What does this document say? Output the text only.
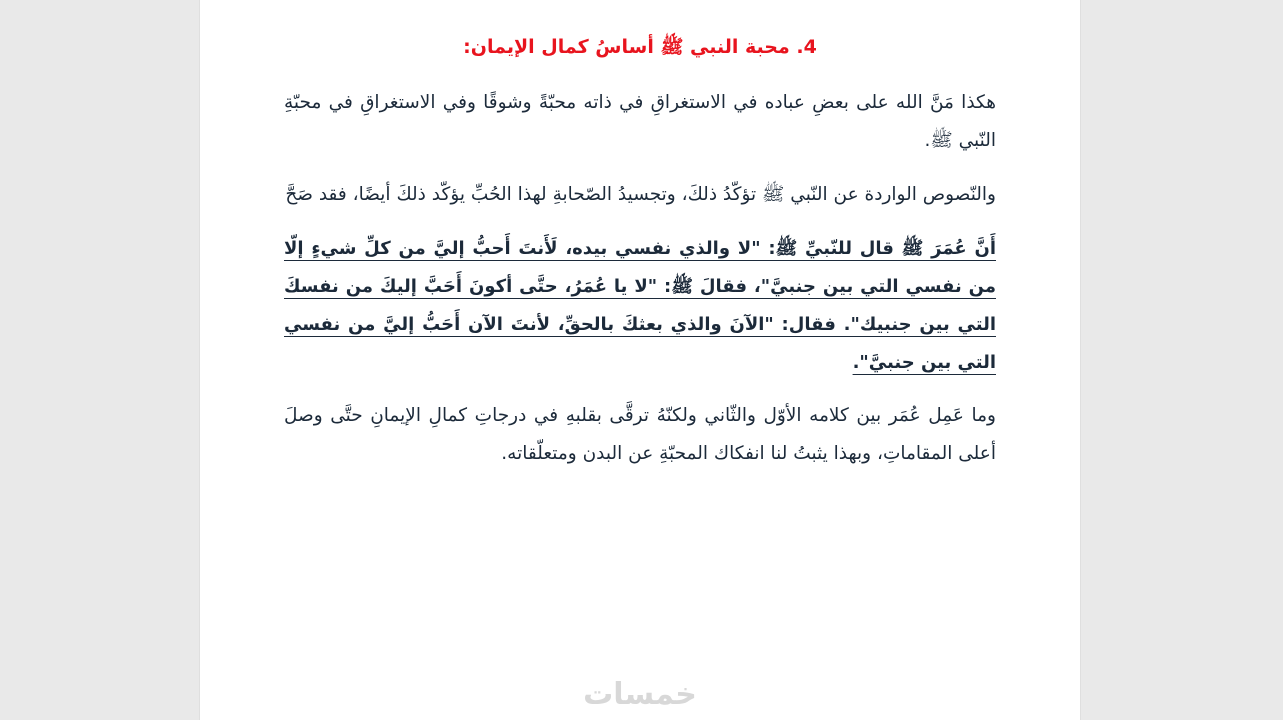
4. محبة النبي ﷺ أساسُ كمال الإيمان:

هكذا مَنَّ الله على بعضِ عباده في الاستغراقِ في ذاته محبّةً وشوقًا وفي الاستغراقِ في محبّةِ النّبي ﷺ.

والنّصوص الواردة عن النّبي ﷺ تؤكّدُ ذلكَ، وتجسيدُ الصّحابةِ لهذا الحُبِّ يؤكّد ذلكَ أيضًا، فقد صَحَّ

أَنَّ عُمَرَ ﷺ قال للنّبيِّ ﷺ: "لا والذي نفسي بيده، لَأَنتَ أَحبُّ إليَّ من كلِّ شيءٍ إلّا من نفسي التي بين جنبيَّ"، فقالَ ﷺ: "لا يا عُمَرُ، حتَّى أكونَ أَحَبَّ إليكَ من نفسكَ التي بين جنبيك". فقال: "الآنَ والذي بعثكَ بالحقِّ، لأنتَ الآن أَحَبُّ إليَّ من نفسي التي بين جنبيَّ".

وما عَمِل عُمَر بين كلامه الأوّل والثّاني ولكنّهُ ترقَّى بقلبهِ في درجاتِ كمالِ الإيمانِ حتَّى وصلَ أعلى المقاماتِ، وبهذا يثبتُ لنا انفكاك المحبّةِ عن البدن ومتعلّقاته.

خمسات
